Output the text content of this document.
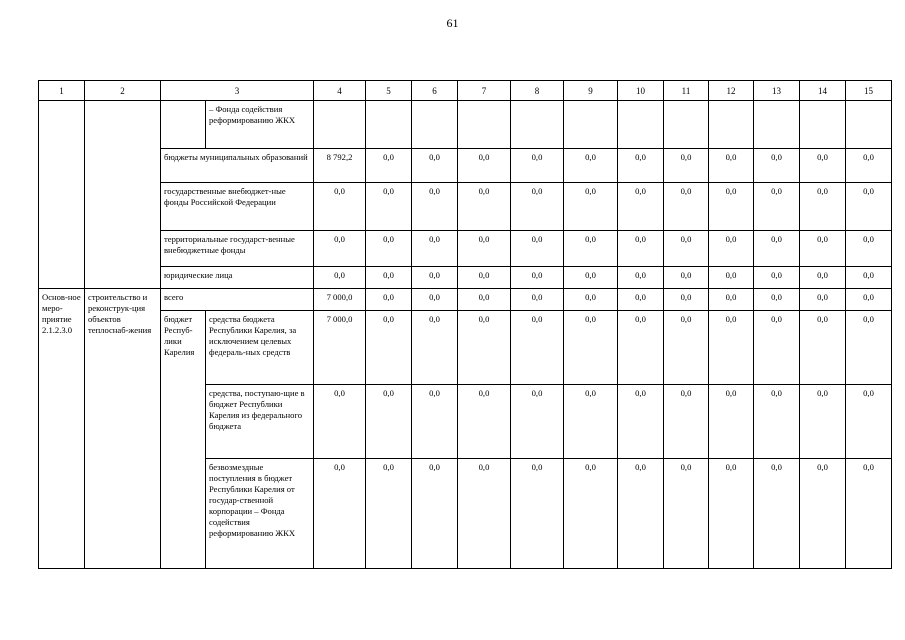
61
1	2	3		4	5	6	7	8	9	10	11	12	13	14	15
			– Фонда содействия реформированию ЖКХ												
		бюджеты муниципальных образований		8 792,2	0,0	0,0	0,0	0,0	0,0	0,0	0,0	0,0	0,0	0,0	0,0
		государственные внебюджет-ные фонды Российской Федерации		0,0	0,0	0,0	0,0	0,0	0,0	0,0	0,0	0,0	0,0	0,0	0,0
		территориальные государст-венные внебюджетные фонды		0,0	0,0	0,0	0,0	0,0	0,0	0,0	0,0	0,0	0,0	0,0	0,0
		юридические лица		0,0	0,0	0,0	0,0	0,0	0,0	0,0	0,0	0,0	0,0	0,0	0,0
Основ-ное меро-приятие 2.1.2.3.0	строительство и реконструк-ция объектов теплоснаб-жения	всего		7 000,0	0,0	0,0	0,0	0,0	0,0	0,0	0,0	0,0	0,0	0,0	0,0
		бюджет Респуб-лики Карелия	средства бюджета Республики Карелия, за исключением целевых федераль-ных средств	7 000,0	0,0	0,0	0,0	0,0	0,0	0,0	0,0	0,0	0,0	0,0	0,0
			средства, поступаю-щие в бюджет Республики Карелия из федерального бюджета	0,0	0,0	0,0	0,0	0,0	0,0	0,0	0,0	0,0	0,0	0,0	0,0
			безвозмездные поступления в бюджет Республики Карелия от государ-ственной корпорации – Фонда содействия реформированию ЖКХ	0,0	0,0	0,0	0,0	0,0	0,0	0,0	0,0	0,0	0,0	0,0	0,0
